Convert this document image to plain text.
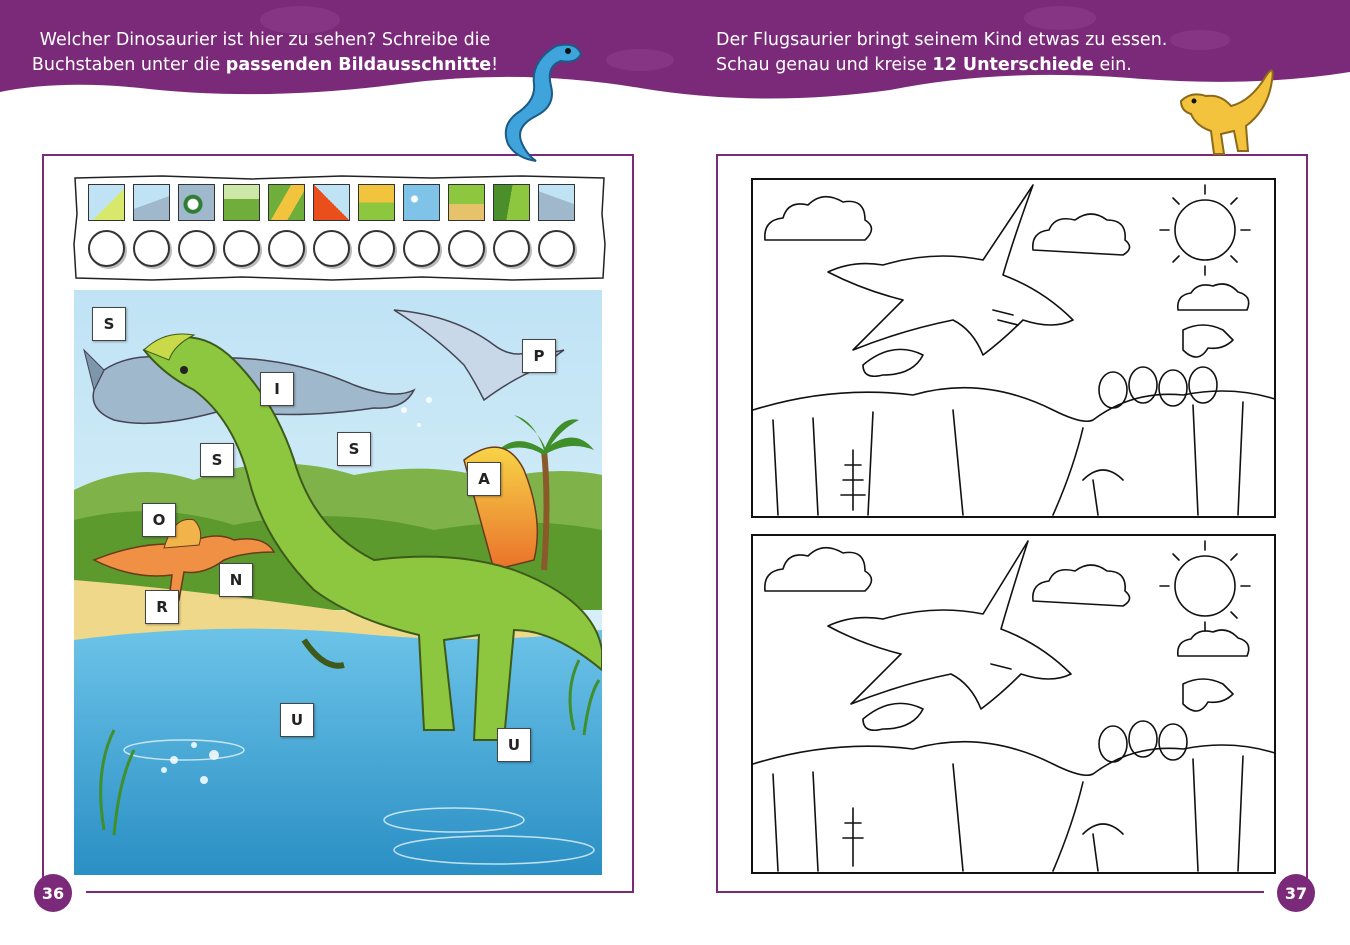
Welcher Dinosaurier ist hier zu sehen? Schreibe die
Buchstaben unter die passenden Bildausschnitte!
Der Flugsaurier bringt seinem Kind etwas zu essen.
Schau genau und kreise 12 Unterschiede ein.
S
I
S
S
P
A
O
N
R
U
U
36	37
